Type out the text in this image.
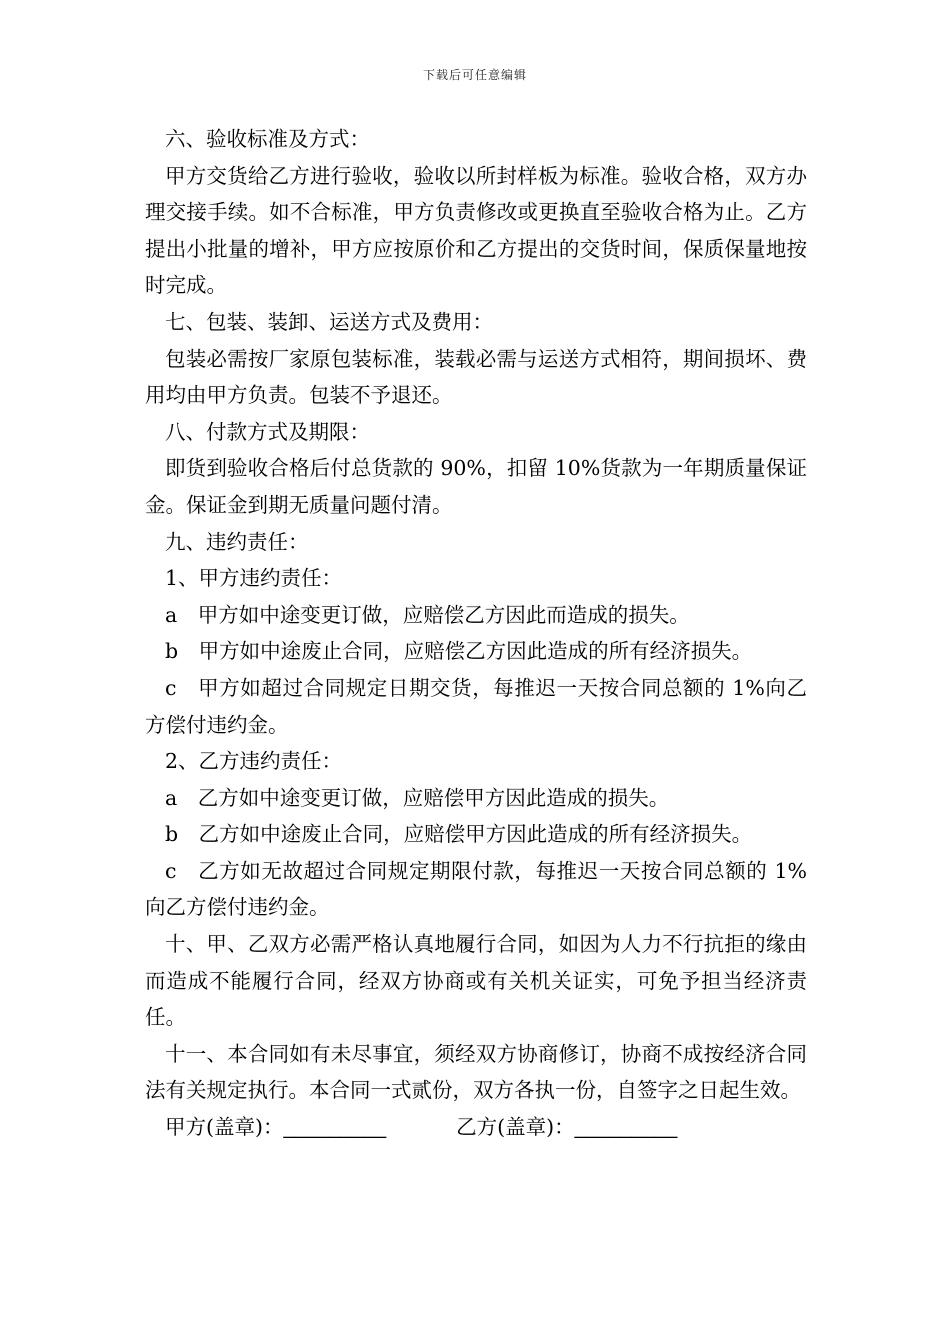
下载后可任意编辑

六、验收标准及方式：

甲方交货给乙方进行验收，验收以所封样板为标准。验收合格，双方办理交接手续。如不合标准，甲方负责修改或更换直至验收合格为止。乙方提出小批量的增补，甲方应按原价和乙方提出的交货时间，保质保量地按时完成。

七、包装、装卸、运送方式及费用：

包装必需按厂家原包装标准，装载必需与运送方式相符，期间损坏、费用均由甲方负责。包装不予退还。

八、付款方式及期限：

即货到验收合格后付总货款的 90%，扣留 10%货款为一年期质量保证金。保证金到期无质量问题付清。

九、违约责任：

1、甲方违约责任：

a　甲方如中途变更订做，应赔偿乙方因此而造成的损失。

b　甲方如中途废止合同，应赔偿乙方因此造成的所有经济损失。

c　甲方如超过合同规定日期交货，每推迟一天按合同总额的 1%向乙方偿付违约金。

2、乙方违约责任：

a　乙方如中途变更订做，应赔偿甲方因此造成的损失。

b　乙方如中途废止合同，应赔偿甲方因此造成的所有经济损失。

c　乙方如无故超过合同规定期限付款，每推迟一天按合同总额的 1%向乙方偿付违约金。

十、甲、乙双方必需严格认真地履行合同，如因为人力不行抗拒的缘由而造成不能履行合同，经双方协商或有关机关证实，可免予担当经济责任。

十一、本合同如有未尽事宜，须经双方协商修订，协商不成按经济合同法有关规定执行。本合同一式贰份，双方各执一份，自签字之日起生效。

甲方(盖章)：_________	乙方(盖章)：_________
